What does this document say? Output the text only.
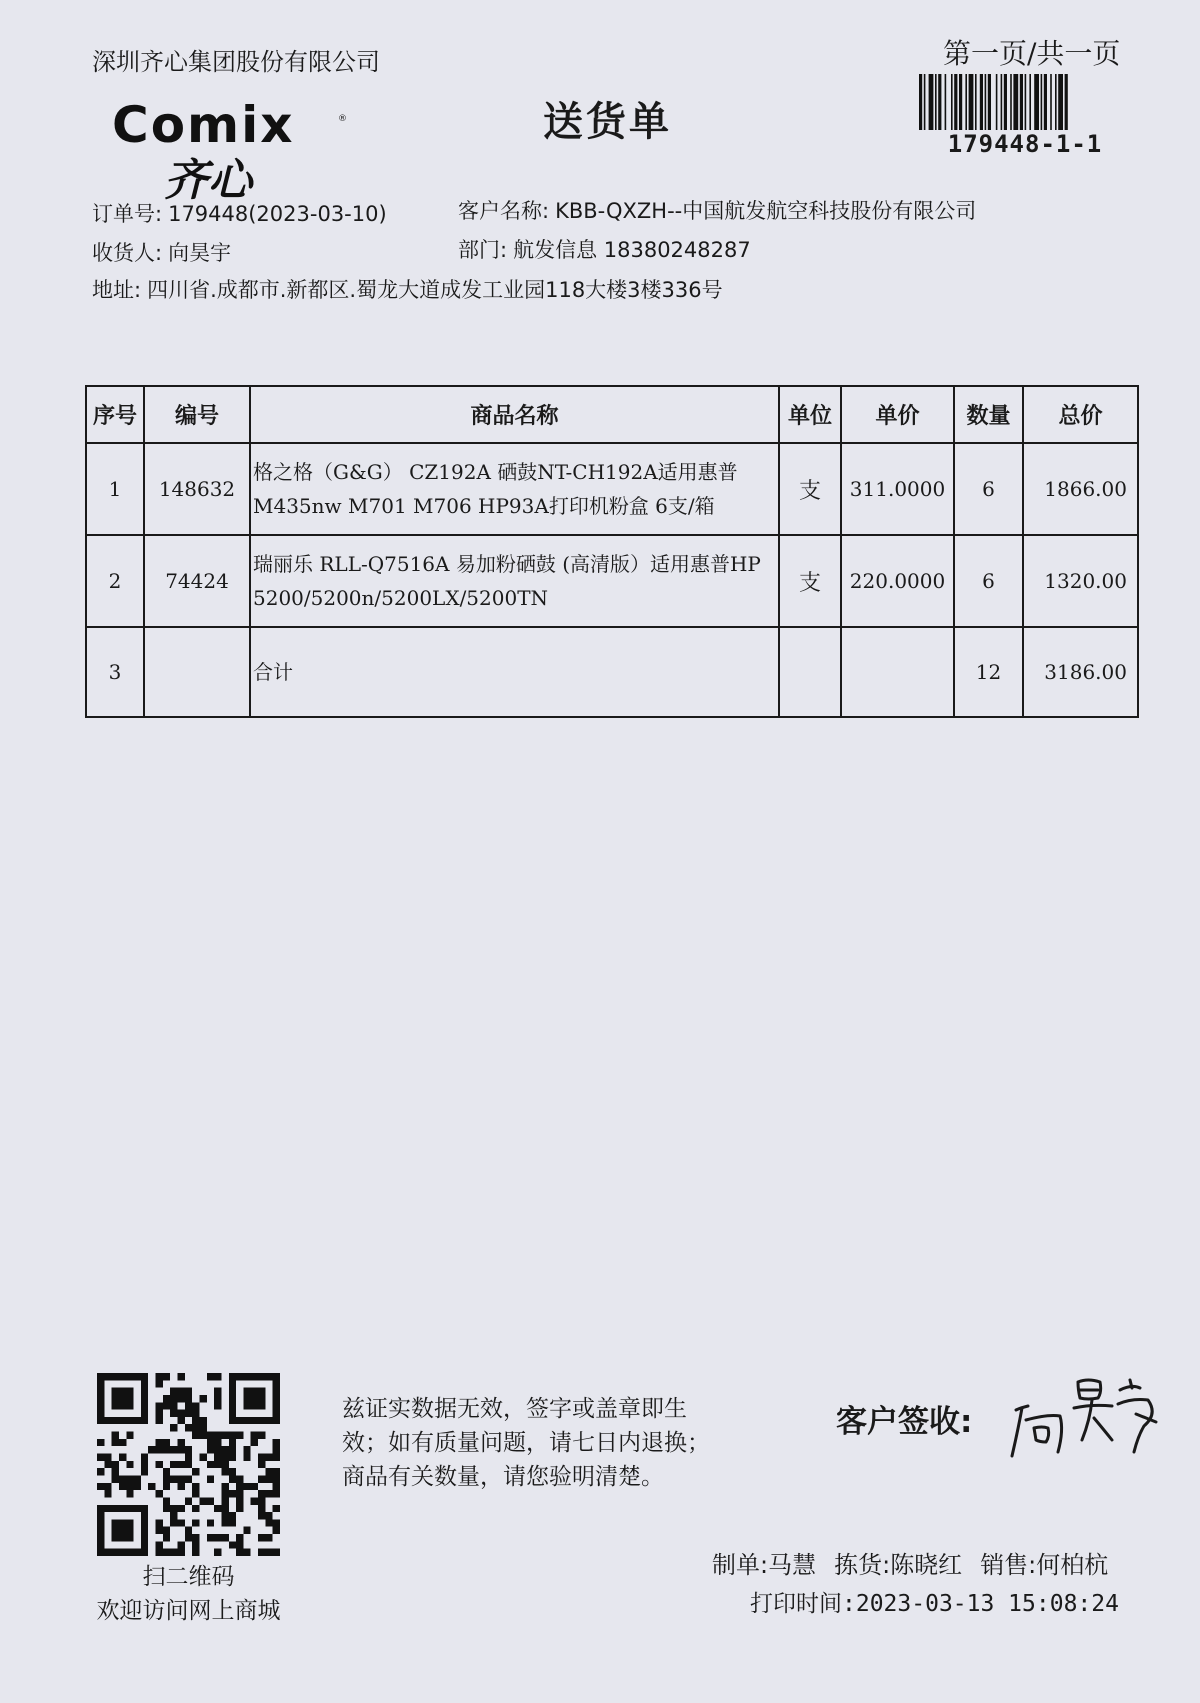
深圳齐心集团股份有限公司	第一页/共一页
送货单
Comix	®
齐心
179448-1-1
订单号: 179448(2023-03-10)	客户名称: KBB-QXZH--中国航发航空科技股份有限公司
收货人: 向昊宇	部门: 航发信息 18380248287
地址: 四川省.成都市.新都区.蜀龙大道成发工业园118大楼3楼336号
序号	编号	商品名称	单位	单价	数量	总价
1	148632	格之格（G&G） CZ192A 硒鼓NT-CH192A适用惠普M435nw M701 M706 HP93A打印机粉盒 6支/箱	支	311.0000	6	1866.00
2	74424	瑞丽乐 RLL-Q7516A 易加粉硒鼓 (高清版）适用惠普HP 5200/5200n/5200LX/5200TN	支	220.0000	6	1320.00
3		合计			12	3186.00
扫二维码
欢迎访问网上商城
兹证实数据无效，签字或盖章即生
效；如有质量问题，请七日内退换；
商品有关数量，请您验明清楚。
客户签收:
制单:马慧 拣货:陈晓红 销售:何柏杭
打印时间:2023-03-13 15:08:24
